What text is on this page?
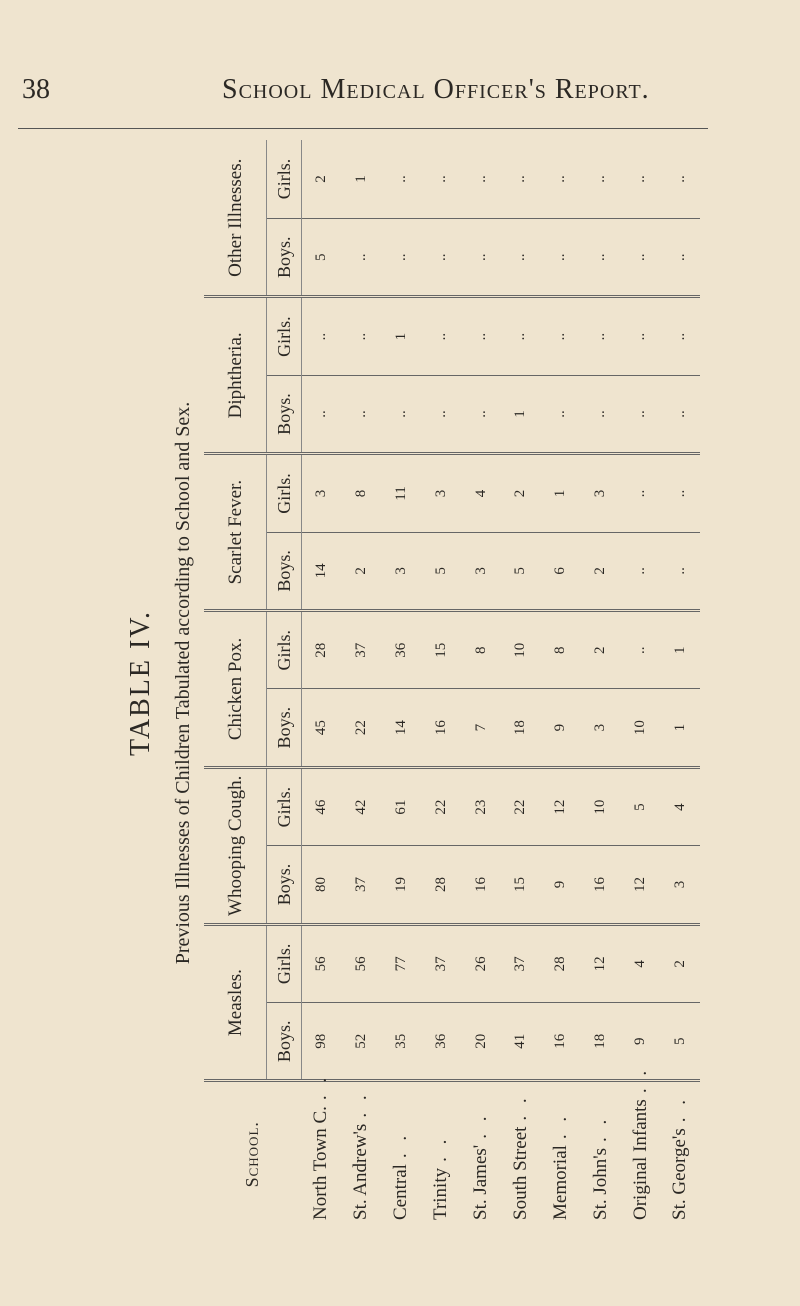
38	School Medical Officer's Report.
TABLE IV. Previous Illnesses of Children Tabulated according to School and Sex.
School.	Measles.		Whooping Cough.		Chicken Pox.		Scarlet Fever.		Diphtheria.		Other Illnesses.	
	Boys.	Girls.	Boys.	Girls.	Boys.	Girls.	Boys.	Girls.	Boys.	Girls.	Boys.	Girls.
North Town C.. .	98	56	80	46	45	28	14	3	..	..	5	2
St. Andrew's. .	52	56	37	42	22	37	2	8	..	..	..	1
Central. .	35	77	19	61	14	36	3	11	..	1	..	..
Trinity. .	36	37	28	22	16	15	5	3	..	..	..	..
St. James'. .	20	26	16	23	7	8	3	4	..	..	..	..
South Street. .	41	37	15	22	18	10	5	2	1	..	..	..
Memorial. .	16	28	9	12	9	8	6	1	..	..	..	..
St. John's. .	18	12	16	10	3	2	2	3	..	..	..	..
Original Infants. .	9	4	12	5	10	..	..	..	..	..	..	..
St. George's. .	5	2	3	4	1	1	..	..	..	..	..	..
